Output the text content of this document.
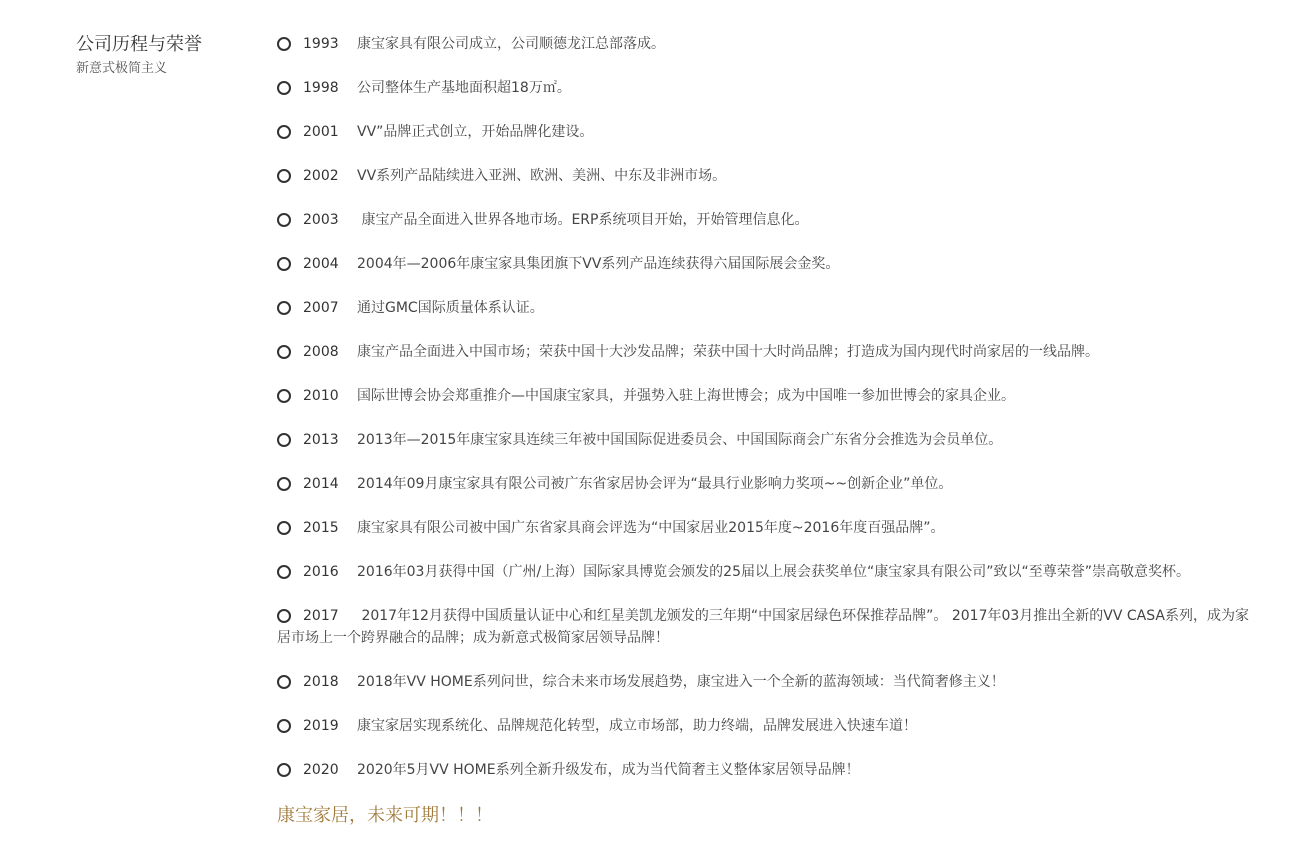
公司历程与荣誉
新意式极简主义
1993 康宝家具有限公司成立，公司顺德龙江总部落成。
1998 公司整体生产基地面积超18万㎡。
2001 VV”品牌正式创立，开始品牌化建设。
2002 VV系列产品陆续进入亚洲、欧洲、美洲、中东及非洲市场。
2003 康宝产品全面进入世界各地市场。ERP系统项目开始，开始管理信息化。
2004 2004年—2006年康宝家具集团旗下VV系列产品连续获得六届国际展会金奖。
2007 通过GMC国际质量体系认证。
2008 康宝产品全面进入中国市场；荣获中国十大沙发品牌；荣获中国十大时尚品牌；打造成为国内现代时尚家居的一线品牌。
2010 国际世博会协会郑重推介—中国康宝家具，并强势入驻上海世博会；成为中国唯一参加世博会的家具企业。
2013 2013年—2015年康宝家具连续三年被中国国际促进委员会、中国国际商会广东省分会推选为会员单位。
2014 2014年09月康宝家具有限公司被广东省家居协会评为“最具行业影响力奖项~~创新企业”单位。
2015 康宝家具有限公司被中国广东省家具商会评选为“中国家居业2015年度~2016年度百强品牌”。
2016 2016年03月获得中国（广州/上海）国际家具博览会颁发的25届以上展会获奖单位“康宝家具有限公司”致以“至尊荣誉”崇高敬意奖杯。
2017 2017年12月获得中国质量认证中心和红星美凯龙颁发的三年期“中国家居绿色环保推荐品牌”。 2017年03月推出全新的VV CASA系列，成为家居市场上一个跨界融合的品牌；成为新意式极简家居领导品牌！
2018 2018年VV HOME系列问世，综合未来市场发展趋势，康宝进入一个全新的蓝海领域：当代简奢修主义！
2019 康宝家居实现系统化、品牌规范化转型，成立市场部，助力终端，品牌发展进入快速车道！
2020 2020年5月VV HOME系列全新升级发布，成为当代简奢主义整体家居领导品牌！
康宝家居，未来可期！！！
